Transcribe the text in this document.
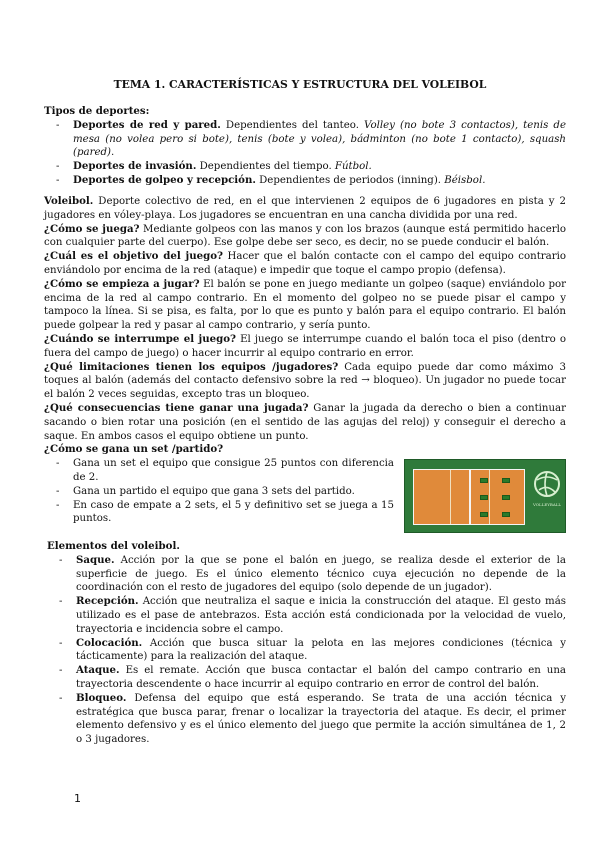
TEMA 1. CARACTERÍSTICAS Y ESTRUCTURA DEL VOLEIBOL
Tipos de deportes:
- Deportes de red y pared. Dependientes del tanteo. Volley (no bote 3 contactos), tenis de mesa (no volea pero si bote), tenis (bote y volea), bádminton (no bote 1 contacto), squash (pared).
- Deportes de invasión. Dependientes del tiempo. Fútbol.
- Deportes de golpeo y recepción. Dependientes de periodos (inning). Béisbol.

Voleibol. Deporte colectivo de red, en el que intervienen 2 equipos de 6 jugadores en pista y 2 jugadores en vóley-playa. Los jugadores se encuentran en una cancha dividida por una red.

¿Cómo se juega? Mediante golpeos con las manos y con los brazos (aunque está permitido hacerlo con cualquier parte del cuerpo). Ese golpe debe ser seco, es decir, no se puede conducir el balón.

¿Cuál es el objetivo del juego? Hacer que el balón contacte con el campo del equipo contrario enviándolo por encima de la red (ataque) e impedir que toque el campo propio (defensa).

¿Cómo se empieza a jugar? El balón se pone en juego mediante un golpeo (saque) enviándolo por encima de la red al campo contrario. En el momento del golpeo no se puede pisar el campo y tampoco la línea. Si se pisa, es falta, por lo que es punto y balón para el equipo contrario. El balón puede golpear la red y pasar al campo contrario, y sería punto.

¿Cuándo se interrumpe el juego? El juego se interrumpe cuando el balón toca el piso (dentro o fuera del campo de juego) o hacer incurrir al equipo contrario en error.

¿Qué limitaciones tienen los equipos /jugadores? Cada equipo puede dar como máximo 3 toques al balón (además del contacto defensivo sobre la red → bloqueo). Un jugador no puede tocar el balón 2 veces seguidas, excepto tras un bloqueo.

¿Qué consecuencias tiene ganar una jugada? Ganar la jugada da derecho o bien a continuar sacando o bien rotar una posición (en el sentido de las agujas del reloj) y conseguir el derecho a saque. En ambos casos el equipo obtiene un punto.

¿Cómo se gana un set /partido?
- Gana un set el equipo que consigue 25 puntos con diferencia de 2.
- Gana un partido el equipo que gana 3 sets del partido.
- En caso de empate a 2 sets, el 5 y definitivo set se juega a 15 puntos.
VOLLEYBALL
Elementos del voleibol.
- Saque. Acción por la que se pone el balón en juego, se realiza desde el exterior de la superficie de juego. Es el único elemento técnico cuya ejecución no depende de la coordinación con el resto de jugadores del equipo (solo depende de un jugador).
- Recepción. Acción que neutraliza el saque e inicia la construcción del ataque. El gesto más utilizado es el pase de antebrazos. Esta acción está condicionada por la velocidad de vuelo, trayectoria e incidencia sobre el campo.
- Colocación. Acción que busca situar la pelota en las mejores condiciones (técnica y tácticamente) para la realización del ataque.
- Ataque. Es el remate. Acción que busca contactar el balón del campo contrario en una trayectoria descendente o hace incurrir al equipo contrario en error de control del balón.
- Bloqueo. Defensa del equipo que está esperando. Se trata de una acción técnica y estratégica que busca parar, frenar o localizar la trayectoria del ataque. Es decir, el primer elemento defensivo y es el único elemento del juego que permite la acción simultánea de 1, 2 o 3 jugadores.
1
